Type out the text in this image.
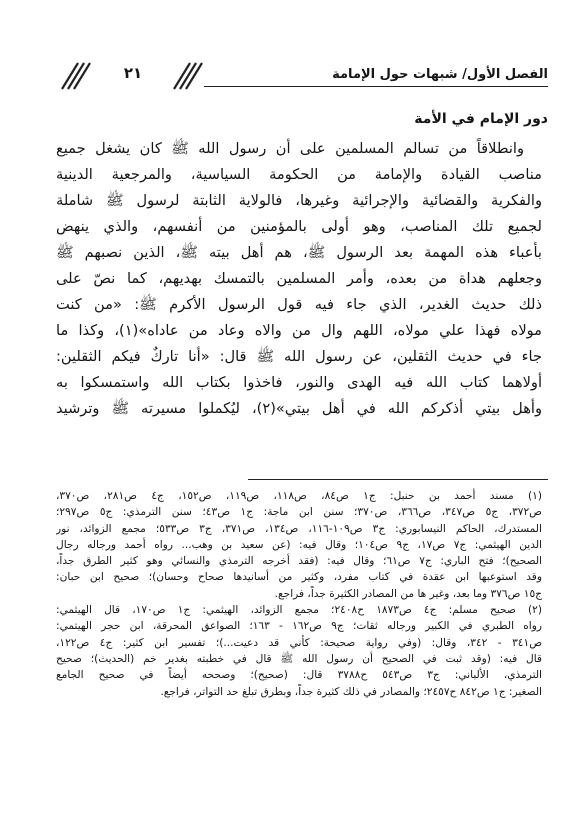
الفصل الأول/ شبهات حول الإمامة
٢١
دور الإمام في الأمة
وانطلاقاً من تسالم المسلمين على أن رسول الله ﷺ كان يشغل جميع
مناصب القيادة والإمامة من الحكومة السياسية، والمرجعية الدينية
والفكرية والقضائية والإجرائية وغيرها، فالولاية الثابتة لرسول ﷺ شاملة
لجميع تلك المناصب، وهو أولى بالمؤمنين من أنفسهم، والذي ينهض
بأعباء هذه المهمة بعد الرسول ﷺ، هم أهل بيته ﷺ، الذين نصبهم ﷺ
وجعلهم هداة من بعده، وأمر المسلمين بالتمسك بهديهم، كما نصّ على
ذلك حديث الغدير، الذي جاء فيه قول الرسول الأكرم ﷺ: «من كنت
مولاه فهذا علي مولاه، اللهم وال من والاه وعاد من عاداه»(١)، وكذا ما
جاء في حديث الثقلين، عن رسول الله ﷺ قال: «أنا تاركٌ فيكم الثقلين:
أولاهما كتاب الله فيه الهدى والنور، فاخذوا بكتاب الله واستمسكوا به
وأهل بيتي أذكركم الله في أهل بيتي»(٢)، ليُكملوا مسيرته ﷺ وترشيد
(١) مسند أحمد بن حنبل: ج١ ص٨٤، ص١١٨، ص١١٩، ص١٥٢، ج٤ ص٢٨١، ص٣٧٠،
ص٣٧٢، ج٥ ص٣٤٧، ص٣٦٦، ص٣٧٠؛ سنن ابن ماجة: ج١ ص٤٣؛ سنن الترمذي: ج٥ ص٢٩٧؛
المستدرك، الحاكم النيسابوري: ج٣ ص١٠٩-١١٦، ص١٣٤، ص٣٧١، ج٣ ص٥٣٣؛ مجمع الزوائد، نور
الدين الهيثمي: ج٧ ص١٧، ج٩ ص١٠٤؛ وقال فيه: (عن سعيد بن وهب... رواه أحمد ورجاله رجال
الصحيح)؛ فتح الباري: ج٧ ص٦١؛ وقال فيه: (فقد أخرجه الترمذي والنسائي وهو كثير الطرق جداً،
وقد استوعبها ابن عقدة في كتاب مفرد، وكثير من أسانيدها صحاح وحسان)؛ صحيح ابن حبان:
ج١٥ ص٣٧٦ وما بعد، وغير ها من المصادر الكثيرة جداً، فراجع.
(٢) صحيح مسلم: ج٤ ص١٨٧٣ ح٢٤٠٨؛ مجمع الزوائد، الهيثمي: ج١ ص١٧٠، قال الهيثمي:
رواه الطبري في الكبير ورجاله ثقات؛ ج٩ ص١٦٢ - ١٦٣؛ الصواعق المحرقة، ابن حجر الهيتمي:
ص٣٤١ - ٣٤٢، وقال: (وفي رواية صحيحة: كأني قد دعيت...)؛ تفسير ابن كثير: ج٤ ص١٢٢،
قال فيه: (وقد ثبت في الصحيح أن رسول الله ﷺ قال في خطبته بغدير خم (الحديث)؛ صحيح
الترمذي، الألباني: ج٣ ص٥٤٣ ح٣٧٨٨ قال: (صحيح)؛ وصححه أيضاً في صحيح الجامع
الصغير: ج١ ص٨٤٢ ح٢٤٥٧؛ والمصادر في ذلك كثيرة جداً، وبطرق تبلغ حد التواتر، فراجع.
